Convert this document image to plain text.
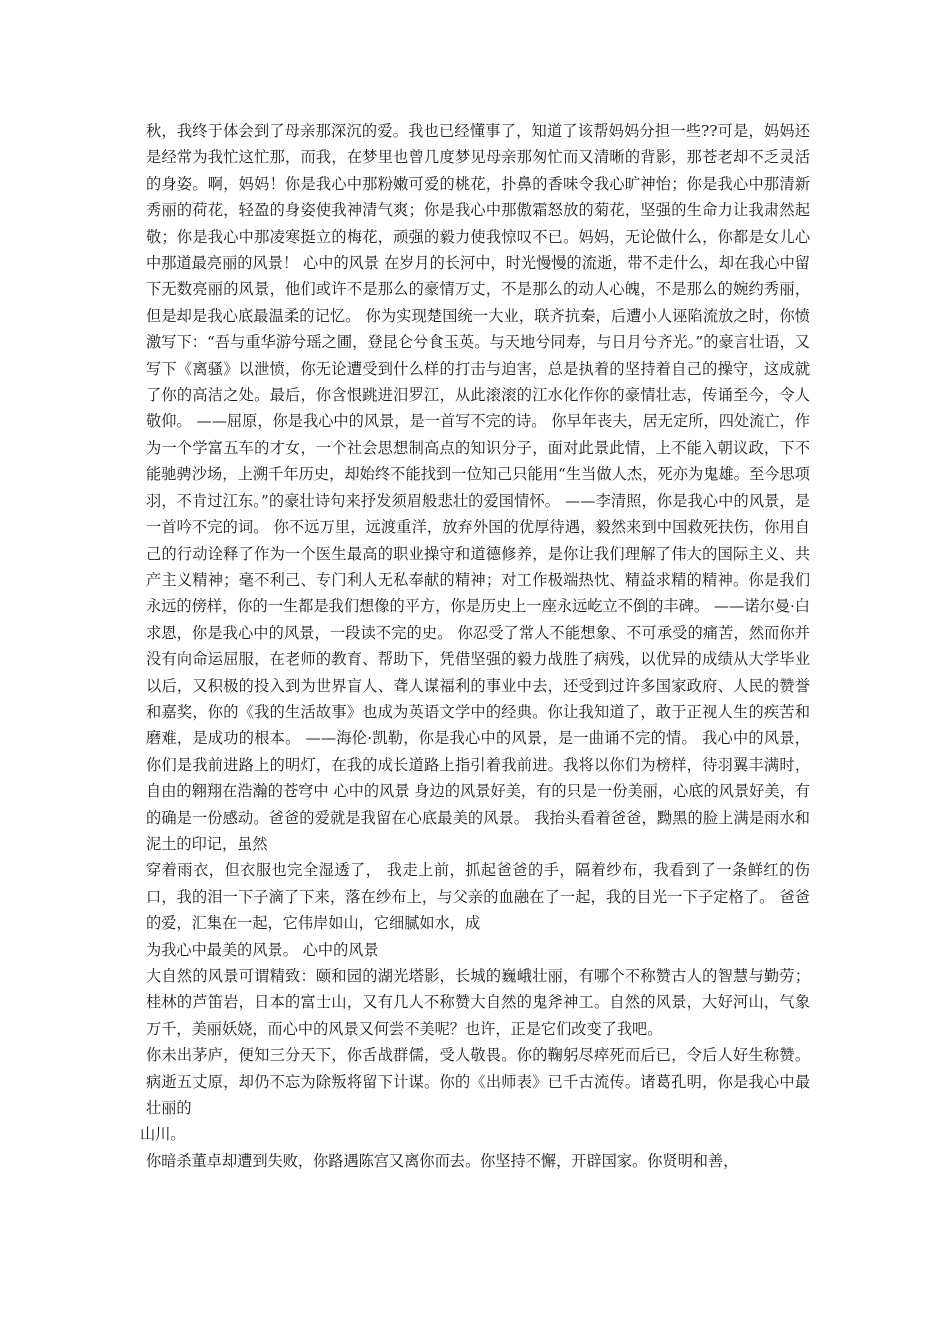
秋，我终于体会到了母亲那深沉的爱。我也已经懂事了，知道了该帮妈妈分担一些??可是，妈妈还是经常为我忙这忙那，而我，在梦里也曾几度梦见母亲那匆忙而又清晰的背影，那苍老却不乏灵活的身姿。啊，妈妈！你是我心中那粉嫩可爱的桃花，扑鼻的香味令我心旷神怡；你是我心中那清新秀丽的荷花，轻盈的身姿使我神清气爽；你是我心中那傲霜怒放的菊花，坚强的生命力让我肃然起敬；你是我心中那凌寒挺立的梅花，顽强的毅力使我惊叹不已。妈妈，无论做什么，你都是女儿心中那道最亮丽的风景！ 心中的风景 在岁月的长河中，时光慢慢的流逝，带不走什么，却在我心中留下无数亮丽的风景，他们或许不是那么的豪情万丈，不是那么的动人心魄，不是那么的婉约秀丽，但是却是我心底最温柔的记忆。 你为实现楚国统一大业，联齐抗秦，后遭小人诬陷流放之时，你愤激写下：“吾与重华游兮瑶之圃，登昆仑兮食玉英。与天地兮同寿，与日月兮齐光。”的豪言壮语，又写下《离骚》以泄愤，你无论遭受到什么样的打击与迫害，总是执着的坚持着自己的操守，这成就了你的高洁之处。最后，你含恨跳进汨罗江，从此滚滚的江水化作你的豪情壮志，传诵至今，令人敬仰。 ——屈原，你是我心中的风景，是一首写不完的诗。 你早年丧夫，居无定所，四处流亡，作为一个学富五车的才女，一个社会思想制高点的知识分子，面对此景此情，上不能入朝议政，下不能驰骋沙场，上溯千年历史，却始终不能找到一位知己只能用“生当做人杰，死亦为鬼雄。至今思项羽，不肯过江东。”的豪壮诗句来抒发须眉般悲壮的爱国情怀。 ——李清照，你是我心中的风景，是一首吟不完的词。 你不远万里，远渡重洋，放弃外国的优厚待遇，毅然来到中国救死扶伤，你用自己的行动诠释了作为一个医生最高的职业操守和道德修养，是你让我们理解了伟大的国际主义、共产主义精神；毫不利己、专门利人无私奉献的精神；对工作极端热忱、精益求精的精神。你是我们永远的傍样，你的一生都是我们想像的平方，你是历史上一座永远屹立不倒的丰碑。 ——诺尔曼·白求恩，你是我心中的风景，一段读不完的史。 你忍受了常人不能想象、不可承受的痛苦，然而你并没有向命运屈服，在老师的教育、帮助下，凭借坚强的毅力战胜了病残，以优异的成绩从大学毕业以后，又积极的投入到为世界盲人、聋人谋福利的事业中去，还受到过许多国家政府、人民的赞誉和嘉奖，你的《我的生活故事》也成为英语文学中的经典。你让我知道了，敢于正视人生的疾苦和磨难，是成功的根本。 ——海伦·凯勒，你是我心中的风景，是一曲诵不完的情。 我心中的风景，你们是我前进路上的明灯，在我的成长道路上指引着我前进。我将以你们为榜样，待羽翼丰满时，自由的翱翔在浩瀚的苍穹中 心中的风景 身边的风景好美，有的只是一份美丽，心底的风景好美，有的确是一份感动。爸爸的爱就是我留在心底最美的风景。 我抬头看着爸爸，黝黑的脸上满是雨水和泥土的印记，虽然

穿着雨衣，但衣服也完全湿透了， 我走上前，抓起爸爸的手，隔着纱布，我看到了一条鲜红的伤口，我的泪一下子滴了下来，落在纱布上，与父亲的血融在了一起，我的目光一下子定格了。 爸爸的爱，汇集在一起，它伟岸如山，它细腻如水，成

为我心中最美的风景。 心中的风景

大自然的风景可谓精致：颐和园的湖光塔影，长城的巍峨壮丽，有哪个不称赞古人的智慧与勤劳；桂林的芦笛岩，日本的富士山，又有几人不称赞大自然的鬼斧神工。自然的风景，大好河山，气象万千，美丽妖娆，而心中的风景又何尝不美呢？也许，正是它们改变了我吧。

你未出茅庐，便知三分天下，你舌战群儒，受人敬畏。你的鞠躬尽瘁死而后已，令后人好生称赞。病逝五丈原，却仍不忘为除叛将留下计谋。你的《出师表》已千古流传。诸葛孔明，你是我心中最壮丽的

山川。

你暗杀董卓却遭到失败，你路遇陈宫又离你而去。你坚持不懈，开辟国家。你贤明和善，
